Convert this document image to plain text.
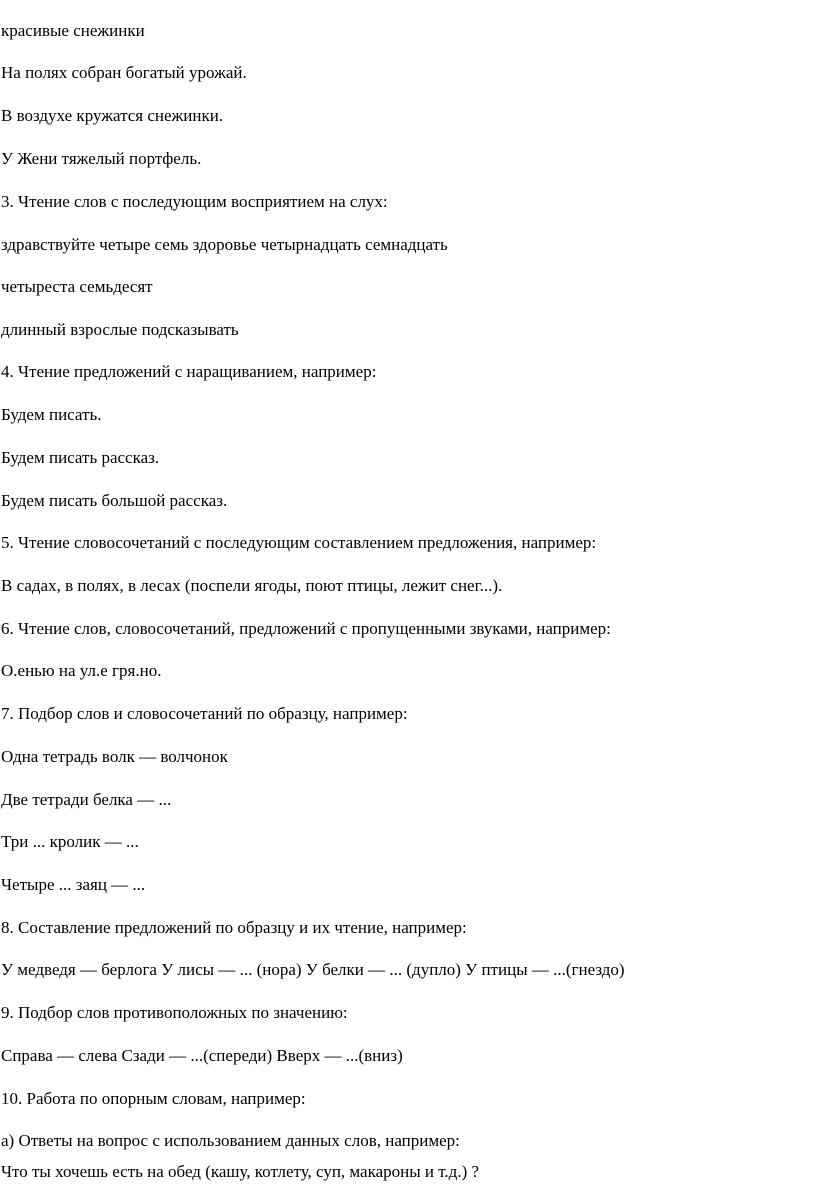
красивые снежинки

На полях собран богатый урожай.

В воздухе кружатся снежинки.

У Жени тяжелый портфель.

3. Чтение слов с последующим восприятием на слух:

здравствуйте четыре семь здоровье четырнадцать семнадцать

четыреста семьдесят

длинный взрослые подсказывать

4. Чтение предложений с наращиванием, например:

Будем писать.

Будем писать рассказ.

Будем писать большой рассказ.

5. Чтение словосочетаний с последующим составлением предложения, например:

В садах, в полях, в лесах (поспели ягоды, поют птицы, лежит снег...).

6. Чтение слов, словосочетаний, предложений с пропущенными звуками, например:

О.енью на ул.е гря.но.

7. Подбор слов и словосочетаний по образцу, например:

Одна тетрадь волк — волчонок

Две тетради белка — ...

Три ... кролик — ...

Четыре ... заяц — ...

8. Составление предложений по образцу и их чтение, например:

У медведя — берлога У лисы — ... (нора) У белки — ... (дупло) У птицы — ...(гнездо)

9. Подбор слов противоположных по значению:

Справа — слева Сзади — ...(спереди) Вверх — ...(вниз)

10. Работа по опорным словам, например:

а) Ответы на вопрос с использованием данных слов, например:

Что ты хочешь есть на обед (кашу, котлету, суп, макароны и т.д.) ?
